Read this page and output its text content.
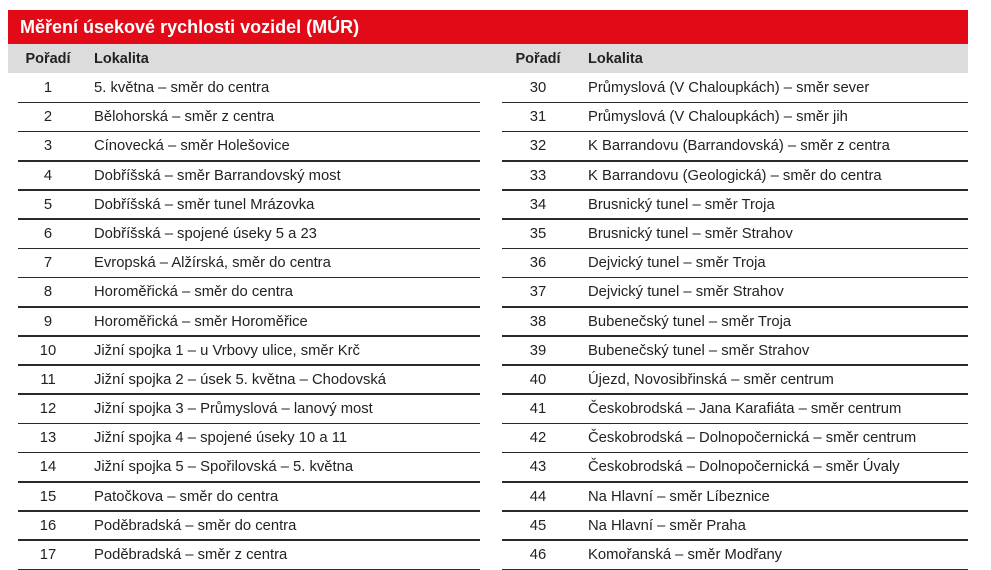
Měření úsekové rychlosti vozidel (MÚR)
Pořadí	Lokalita	Pořadí	Lokalita
1	5. května – směr do centra	30	Průmyslová (V Chaloupkách) – směr sever
2	Bělohorská – směr z centra	31	Průmyslová (V Chaloupkách) – směr jih
3	Cínovecká – směr Holešovice	32	K Barrandovu (Barrandovská) – směr z centra
4	Dobříšská – směr Barrandovský most	33	K Barrandovu (Geologická) – směr do centra
5	Dobříšská – směr tunel Mrázovka	34	Brusnický tunel – směr Troja
6	Dobříšská – spojené úseky 5 a 23	35	Brusnický tunel – směr Strahov
7	Evropská – Alžírská, směr do centra	36	Dejvický tunel – směr Troja
8	Horoměřická – směr do centra	37	Dejvický tunel – směr Strahov
9	Horoměřická – směr Horoměřice	38	Bubenečský tunel – směr Troja
10	Jižní spojka 1 – u Vrbovy ulice, směr Krč	39	Bubenečský tunel – směr Strahov
11	Jižní spojka 2 – úsek 5. května – Chodovská	40	Újezd, Novosibřinská – směr centrum
12	Jižní spojka 3 – Průmyslová – lanový most	41	Českobrodská – Jana Karafiáta – směr centrum
13	Jižní spojka 4 – spojené úseky 10 a 11	42	Českobrodská – Dolnopočernická – směr centrum
14	Jižní spojka 5 – Spořilovská – 5. května	43	Českobrodská – Dolnopočernická – směr Úvaly
15	Patočkova – směr do centra	44	Na Hlavní – směr Líbeznice
16	Poděbradská – směr do centra	45	Na Hlavní – směr Praha
17	Poděbradská – směr z centra	46	Komořanská – směr Modřany
